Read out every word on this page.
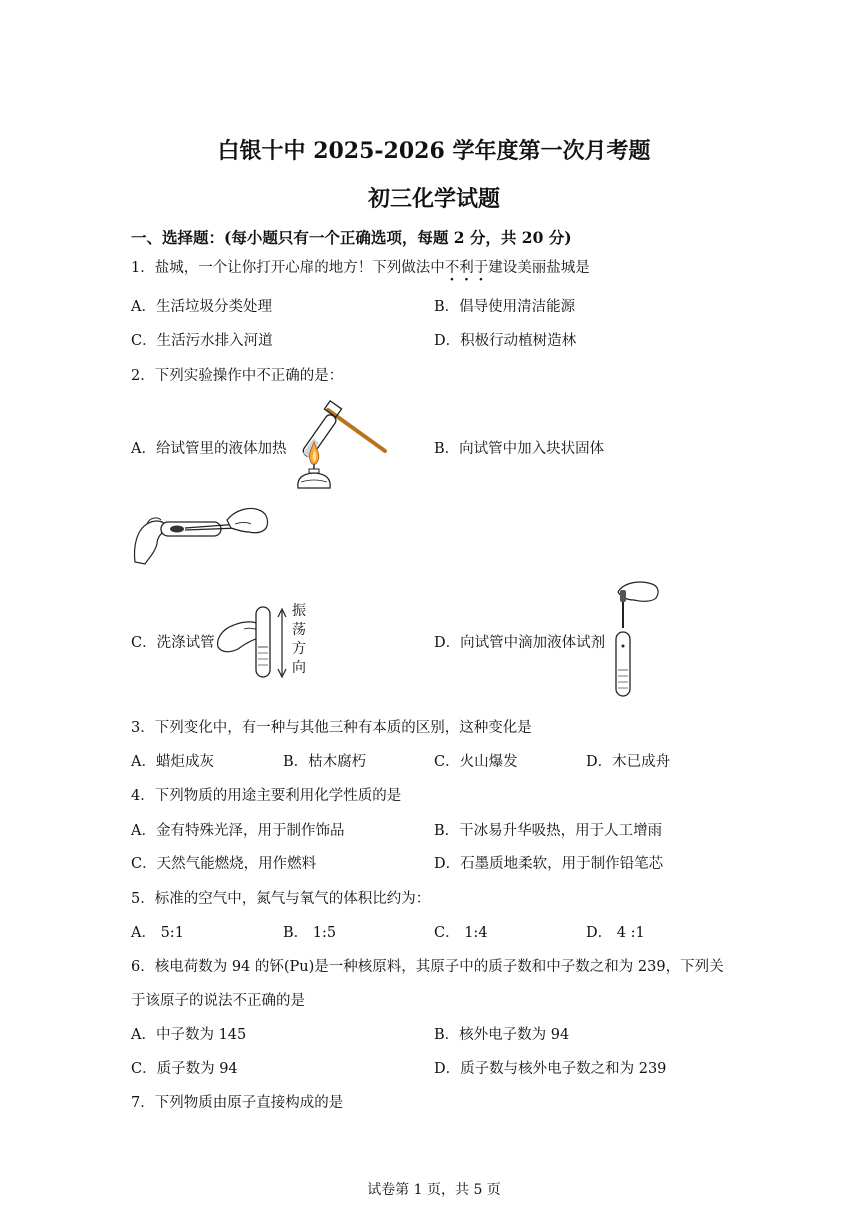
白银十中 2025-2026 学年度第一次月考题
初三化学试题
一、选择题：(每小题只有一个正确选项，每题 2 分，共 20 分)
1．盐城，一个让你打开心扉的地方！下列做法中不利于建设美丽盐城是
A．生活垃圾分类处理	B．倡导使用清洁能源
C．生活污水排入河道	D．积极行动植树造林
2．下列实验操作中不正确的是：
A．给试管里的液体加热	B．向试管中加入块状固体
C．洗涤试管	D．向试管中滴加液体试剂
振
荡
方
向
3．下列变化中，有一种与其他三种有本质的区别，这种变化是
A．蜡炬成灰	B．枯木腐朽	C．火山爆发	D．木已成舟
4．下列物质的用途主要利用化学性质的是
A．金有特殊光泽，用于制作饰品	B．干冰易升华吸热，用于人工增雨
C．天然气能燃烧，用作燃料	D．石墨质地柔软，用于制作铅笔芯
5．标准的空气中，氮气与氧气的体积比约为：
A． 5:1	B． 1:5	C． 1:4	D． 4 :1
6．核电荷数为 94 的钚(Pu)是一种核原料，其原子中的质子数和中子数之和为 239，下列关
于该原子的说法不正确的是
A．中子数为 145	B．核外电子数为 94
C．质子数为 94	D．质子数与核外电子数之和为 239
7．下列物质由原子直接构成的是
试卷第 1 页，共 5 页
